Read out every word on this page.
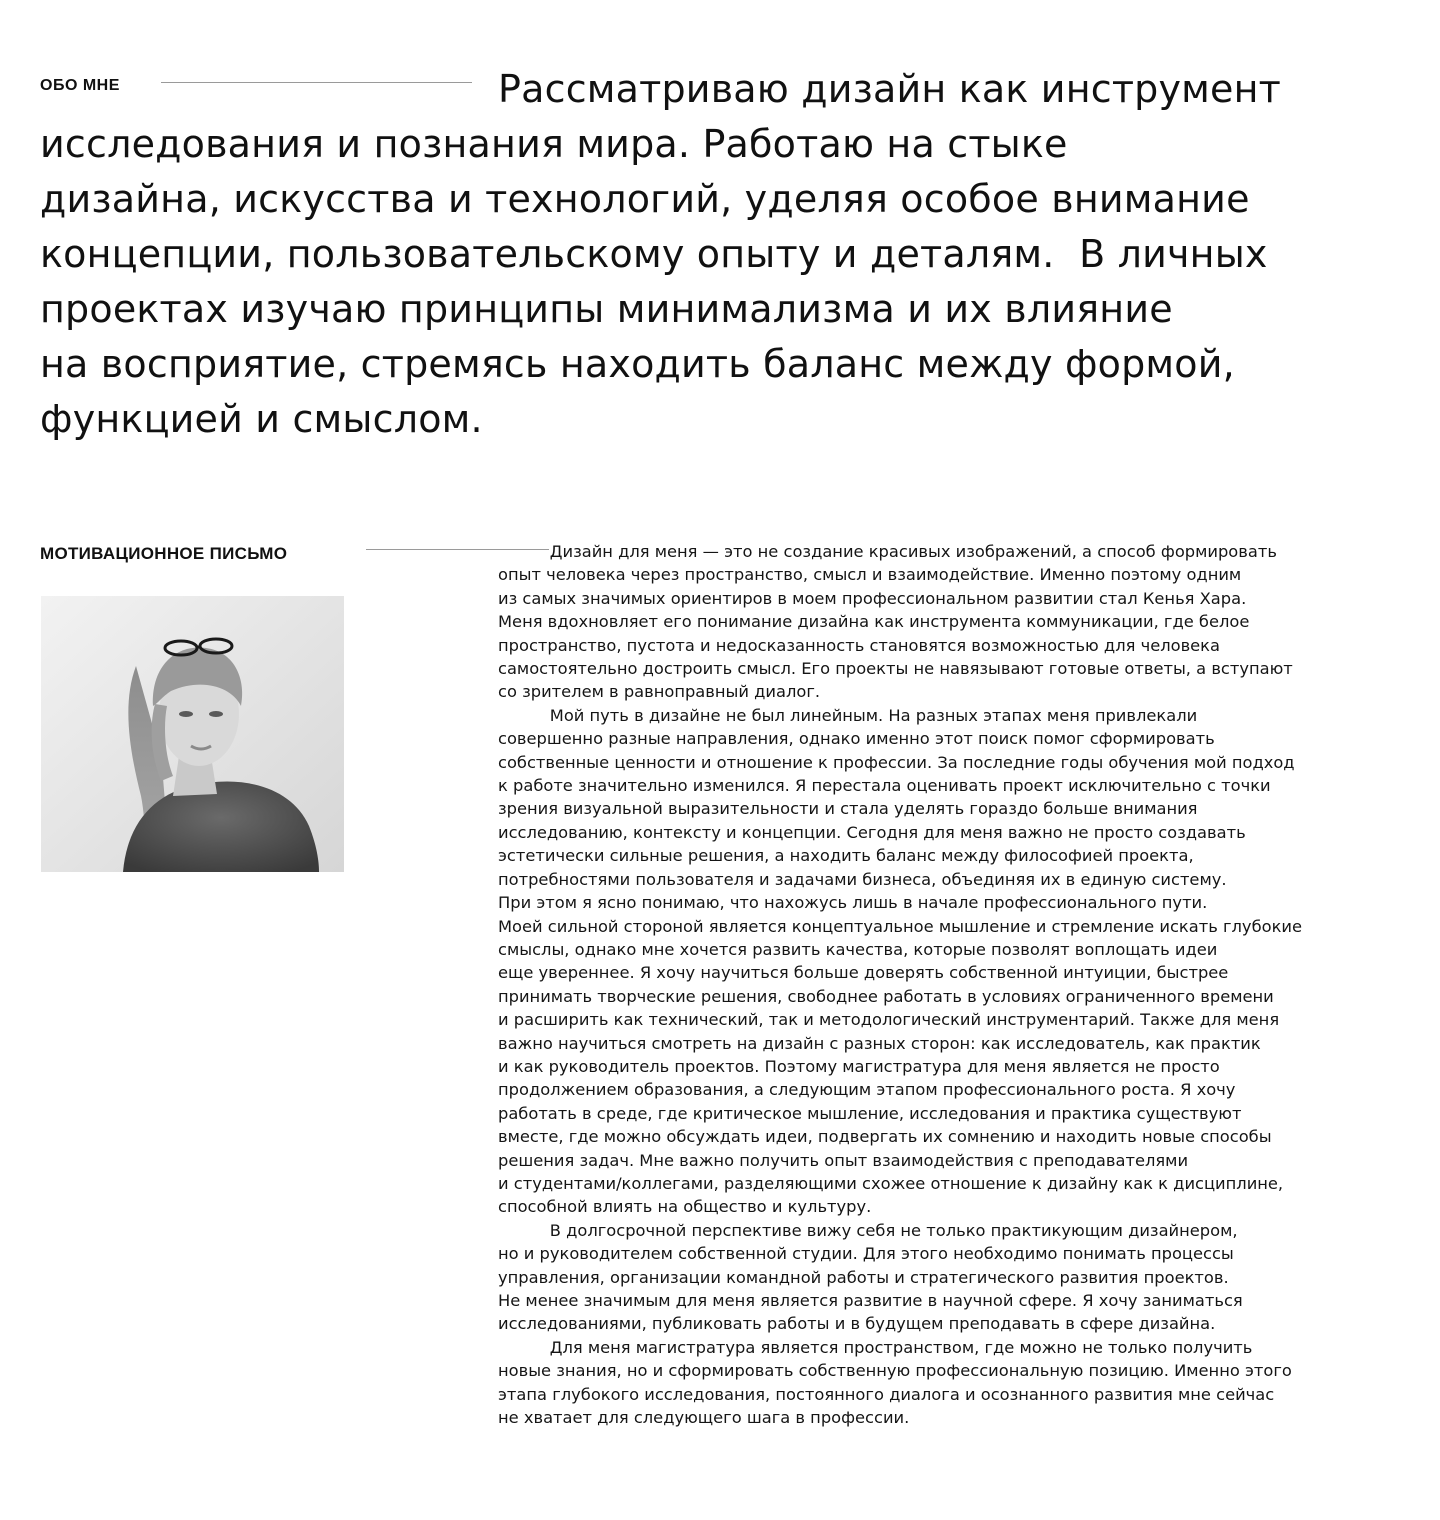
ОБО МНЕ	Рассматриваю дизайн как инструмент
исследования и познания мира. Работаю на стыке
дизайна, искусства и технологий, уделяя особое внимание
концепции, пользовательскому опыту и деталям.  В личных
проектах изучаю принципы минимализма и их влияние
на восприятие, стремясь находить баланс между формой,
функцией и смыслом.

МОТИВАЦИОННОЕ ПИСЬМО	Дизайн для меня — это не создание красивых изображений, а способ формировать

опыт человека через пространство, смысл и взаимодействие. Именно поэтому одним

из самых значимых ориентиров в моем профессиональном развитии стал Кенья Хара.

Меня вдохновляет его понимание дизайна как инструмента коммуникации, где белое

пространство, пустота и недосказанность становятся возможностью для человека

самостоятельно достроить смысл. Его проекты не навязывают готовые ответы, а вступают

со зрителем в равноправный диалог.

Мой путь в дизайне не был линейным. На разных этапах меня привлекали

совершенно разные направления, однако именно этот поиск помог сформировать

собственные ценности и отношение к профессии. За последние годы обучения мой подход

к работе значительно изменился. Я перестала оценивать проект исключительно с точки

зрения визуальной выразительности и стала уделять гораздо больше внимания

исследованию, контексту и концепции. Сегодня для меня важно не просто создавать

эстетически сильные решения, а находить баланс между философией проекта,

потребностями пользователя и задачами бизнеса, объединяя их в единую систему.

При этом я ясно понимаю, что нахожусь лишь в начале профессионального пути.

Моей сильной стороной является концептуальное мышление и стремление искать глубокие

смыслы, однако мне хочется развить качества, которые позволят воплощать идеи

еще увереннее. Я хочу научиться больше доверять собственной интуиции, быстрее

принимать творческие решения, свободнее работать в условиях ограниченного времени

и расширить как технический, так и методологический инструментарий. Также для меня

важно научиться смотреть на дизайн с разных сторон: как исследователь, как практик

и как руководитель проектов. Поэтому магистратура для меня является не просто

продолжением образования, а следующим этапом профессионального роста. Я хочу

работать в среде, где критическое мышление, исследования и практика существуют

вместе, где можно обсуждать идеи, подвергать их сомнению и находить новые способы

решения задач. Мне важно получить опыт взаимодействия с преподавателями

и студентами/коллегами, разделяющими схожее отношение к дизайну как к дисциплине,

способной влиять на общество и культуру.

В долгосрочной перспективе вижу себя не только практикующим дизайнером,

но и руководителем собственной студии. Для этого необходимо понимать процессы

управления, организации командной работы и стратегического развития проектов.

Не менее значимым для меня является развитие в научной сфере. Я хочу заниматься

исследованиями, публиковать работы и в будущем преподавать в сфере дизайна.

Для меня магистратура является пространством, где можно не только получить

новые знания, но и сформировать собственную профессиональную позицию. Именно этого

этапа глубокого исследования, постоянного диалога и осознанного развития мне сейчас

не хватает для следующего шага в профессии.
